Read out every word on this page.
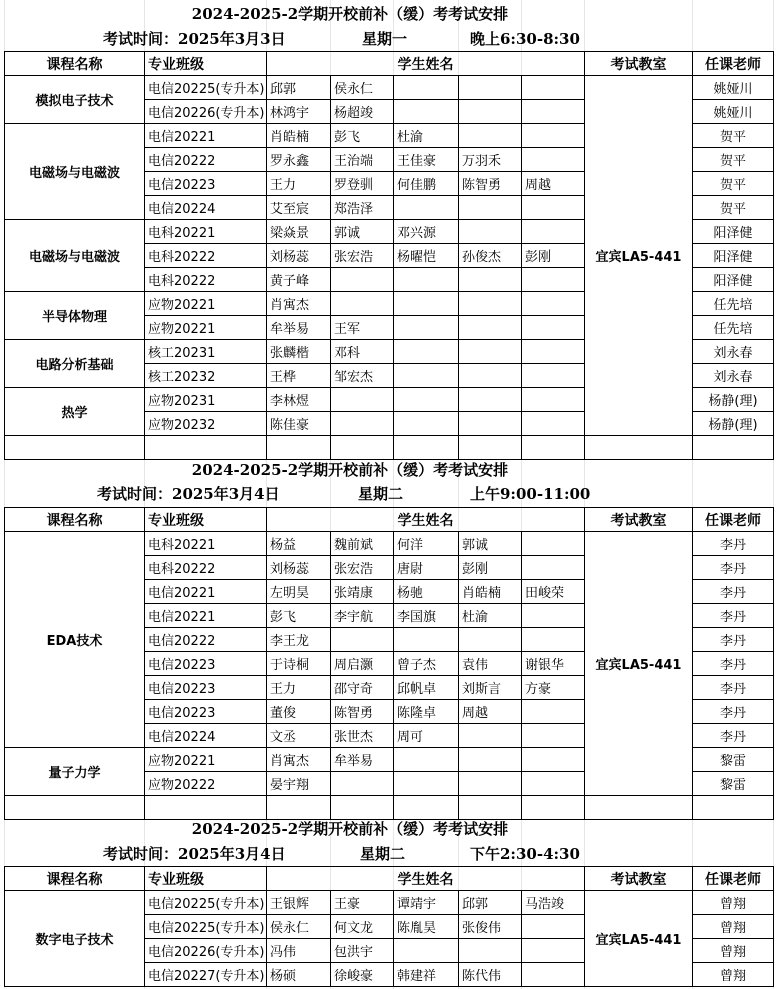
2024-2025-2学期开校前补（缓）考考试安排
考试时间：2025年3月3日	星期一	晚上6:30-8:30
课程名称	专业班级	学生姓名					考试教室	任课老师
模拟电子技术	电信20225(专升本)	邱郭	侯永仁				宜宾LA5-441	姚娅川
	电信20226(专升本)	林鸿宇	杨超竣					姚娅川
电磁场与电磁波	电信20221	肖皓楠	彭飞	杜渝				贺平
	电信20222	罗永鑫	王治端	王佳豪	万羽禾			贺平
	电信20223	王力	罗登驯	何佳鹏	陈智勇	周越		贺平
	电信20224	艾至宸	郑浩泽					贺平
电磁场与电磁波	电科20221	梁焱景	郭诚	邓兴源				阳泽健
	电科20222	刘杨蕊	张宏浩	杨曜恺	孙俊杰	彭刚		阳泽健
	电科20222	黄子峰						阳泽健
半导体物理	应物20221	肖寓杰						任先培
	应物20221	牟举易	王军					任先培
电路分析基础	核工20231	张麟楷	邓科					刘永春
	核工20232	王桦	邹宏杰					刘永春
热学	应物20231	李林煜						杨静(理)
	应物20232	陈佳豪						杨静(理)

2024-2025-2学期开校前补（缓）考考试安排
考试时间：2025年3月4日	星期二	上午9:00-11:00
课程名称	专业班级	学生姓名					考试教室	任课老师
EDA技术	电科20221	杨益	魏前斌	何洋	郭诚		宜宾LA5-441	李丹
	电科20222	刘杨蕊	张宏浩	唐尉	彭刚			李丹
	电信20221	左明昊	张靖康	杨驰	肖皓楠	田峻荣		李丹
	电信20221	彭飞	李宇航	李国旗	杜渝			李丹
	电信20222	李王龙						李丹
	电信20223	于诗桐	周启灏	曾子杰	袁伟	谢银华		李丹
	电信20223	王力	邵守奇	邱帆卓	刘斯言	方豪		李丹
	电信20223	董俊	陈智勇	陈隆卓	周越			李丹
	电信20224	文丞	张世杰	周可				李丹
量子力学	应物20221	肖寓杰	牟举易					黎雷
	应物20222	晏宇翔						黎雷

2024-2025-2学期开校前补（缓）考考试安排
考试时间：2025年3月4日	星期二	下午2:30-4:30
课程名称	专业班级	学生姓名					考试教室	任课老师
数字电子技术	电信20225(专升本)	王银辉	王豪	谭靖宇	邱郭	马浩竣	宜宾LA5-441	曾翔
	电信20225(专升本)	侯永仁	何文龙	陈胤昊	张俊伟			曾翔
	电信20226(专升本)	冯伟	包洪宇					曾翔
	电信20227(专升本)	杨硕	徐峻豪	韩建祥	陈代伟			曾翔
